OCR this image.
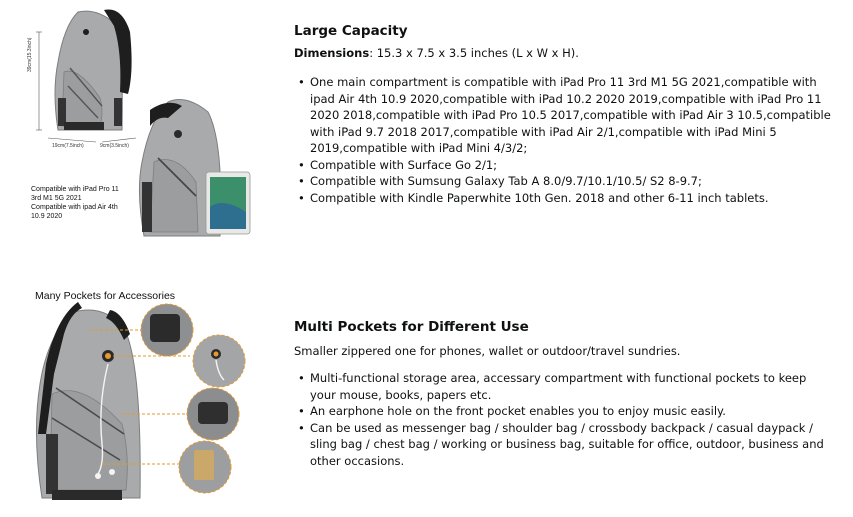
39cm(15.3inch)
19cm(7.5inch)	9cm(3.5inch)
Compatible with iPad Pro 11
3rd M1 5G 2021
Compatible with ipad Air 4th
10.9 2020
Large Capacity

Dimensions: 15.3 x 7.5 x 3.5 inches (L x W x H).

• One main compartment is compatible with iPad Pro 11 3rd M1 5G 2021,compatible with ipad Air 4th 10.9 2020,compatible with iPad 10.2 2020 2019,compatible with iPad Pro 11 2020 2018,compatible with iPad Pro 10.5 2017,compatible with iPad Air 3 10.5,compatible with iPad 9.7 2018 2017,compatible with iPad Air 2/1,compatible with iPad Mini 5 2019,compatible with iPad Mini 4/3/2;
• Compatible with Surface Go 2/1;
• Compatible with Sumsung Galaxy Tab A 8.0/9.7/10.1/10.5/ S2 8-9.7;
• Compatible with Kindle Paperwhite 10th Gen. 2018 and other 6-11 inch tablets.
Many Pockets for Accessories
Multi Pockets for Different Use

Smaller zippered one for phones, wallet or outdoor/travel sundries.

• Multi-functional storage area, accessary compartment with functional pockets to keep your mouse, books, papers etc.
• An earphone hole on the front pocket enables you to enjoy music easily.
• Can be used as messenger bag / shoulder bag / crossbody backpack / casual daypack / sling bag / chest bag / working or business bag, suitable for office, outdoor, business and other occasions.
